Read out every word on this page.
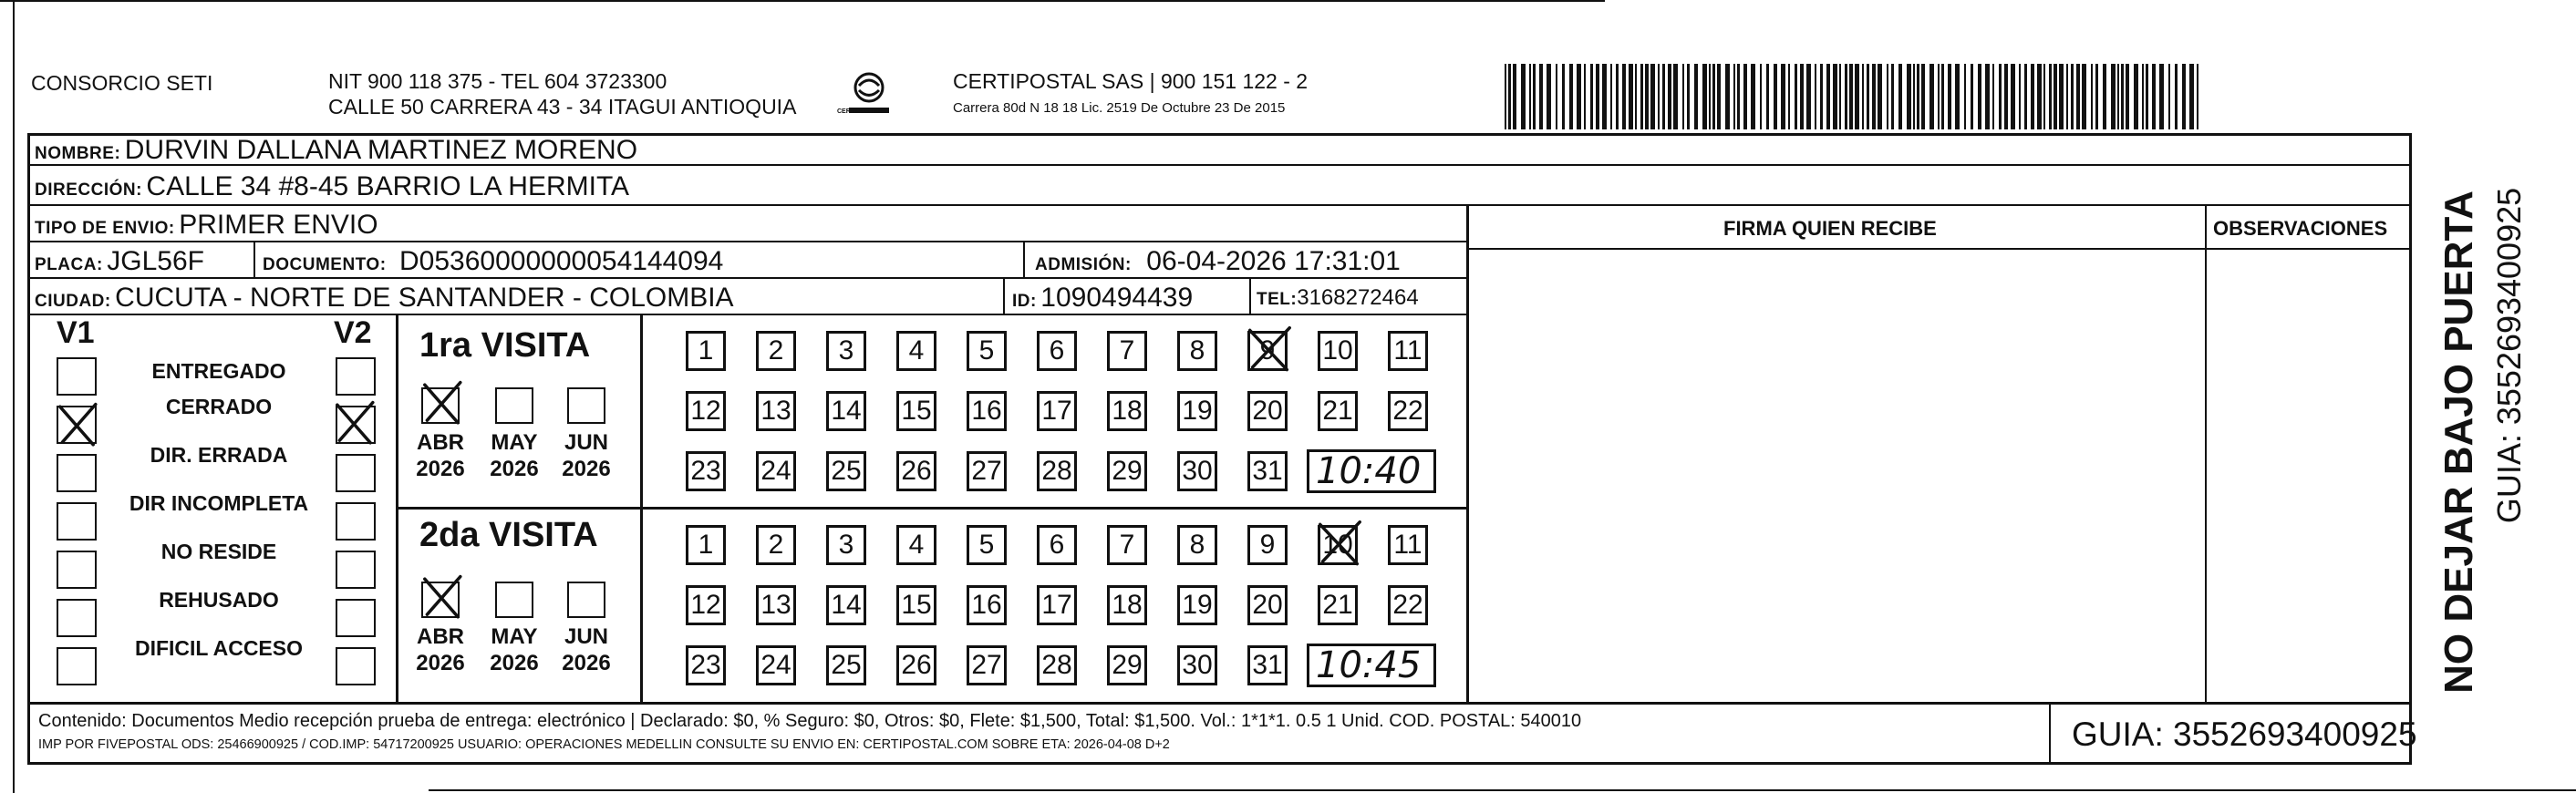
CONSORCIO SETI	NIT 900 118 375 - TEL 604 3723300
CALLE 50 CARRERA 43 - 34 ITAGUI ANTIOQUIA	CERTIPOSTAL
CERTIPOSTAL SAS | 900 151 122 - 2
Carrera 80d N 18 18 Lic. 2519 De Octubre 23 De 2015
NOMBRE: DURVIN DALLANA MARTINEZ MORENO
DIRECCIÓN: CALLE 34 #8-45 BARRIO LA HERMITA
TIPO DE ENVIO: PRIMER ENVIO
PLACA: JGL56F	DOCUMENTO: D05360000000054144094	ADMISIÓN: 06-04-2026 17:31:01
CIUDAD: CUCUTA - NORTE DE SANTANDER - COLOMBIA	ID: 1090494439	TEL:3168272464
FIRMA QUIEN RECIBE	OBSERVACIONES
V1	V2
ENTREGADO
CERRADO
DIR. ERRADA
DIR INCOMPLETA
NO RESIDE
REHUSADO
DIFICIL ACCESO
1ra VISITA
2da VISITA
ABR
2026
MAY
2026
JUN
2026
1 2 3 4 5 6 7 8 9 10 11
12 13 14 15 16 17 18 19 20 21 22
23 24 25 26 27 28 29 30 31 10:40
ABR
2026
MAY
2026
JUN
2026
1 2 3 4 5 6 7 8 9 10 11
12 13 14 15 16 17 18 19 20 21 22
23 24 25 26 27 28 29 30 31 10:45
Contenido: Documentos Medio recepción prueba de entrega: electrónico | Declarado: $0, % Seguro: $0, Otros: $0, Flete: $1,500, Total: $1,500. Vol.: 1*1*1. 0.5 1 Unid. COD. POSTAL: 540010
IMP POR FIVEPOSTAL ODS: 25466900925 / COD.IMP: 54717200925 USUARIO: OPERACIONES MEDELLIN CONSULTE SU ENVIO EN: CERTIPOSTAL.COM SOBRE ETA: 2026-04-08 D+2	GUIA: 3552693400925
NO DEJAR BAJO PUERTA GUIA: 3552693400925
